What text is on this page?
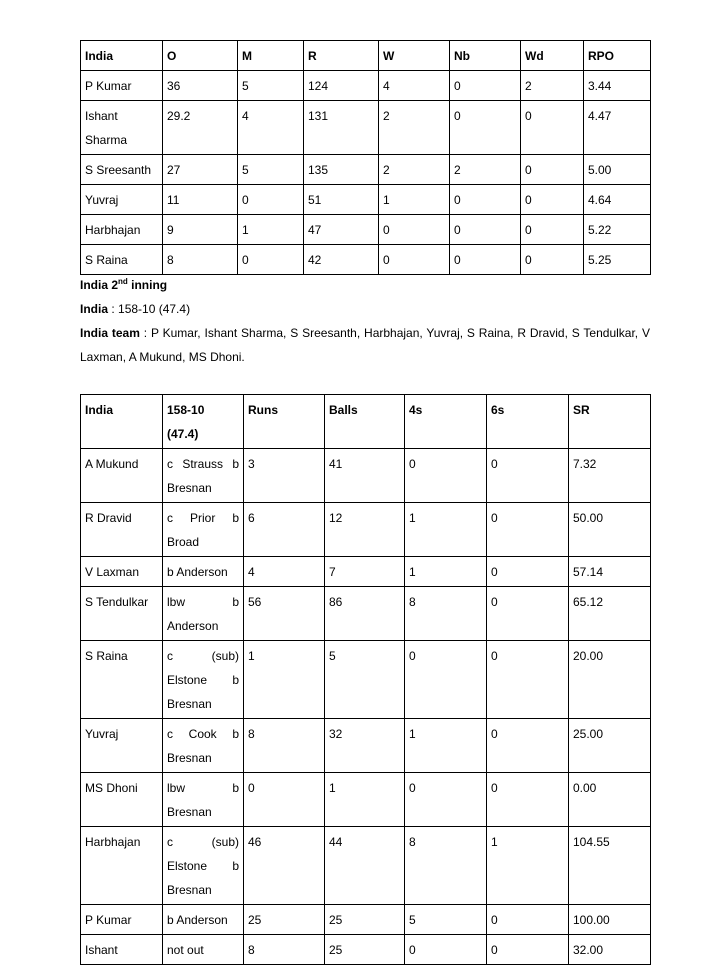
India	O	M	R	W	Nb	Wd	RPO
P Kumar	36	5	124	4	0	2	3.44
Ishant Sharma	29.2	4	131	2	0	0	4.47
S Sreesanth	27	5	135	2	2	0	5.00
Yuvraj	11	0	51	1	0	0	4.64
Harbhajan	9	1	47	0	0	0	5.22
S Raina	8	0	42	0	0	0	5.25
India 2nd inning
India : 158-10 (47.4)
India team : P Kumar, Ishant Sharma, S Sreesanth, Harbhajan, Yuvraj, S Raina, R Dravid, S Tendulkar, V Laxman, A Mukund, MS Dhoni.
India	158-10 (47.4)	Runs	Balls	4s	6s	SR
A Mukund	c Strauss b Bresnan	3	41	0	0	7.32
R Dravid	c Prior b Broad	6	12	1	0	50.00
V Laxman	b Anderson	4	7	1	0	57.14
S Tendulkar	lbw b Anderson	56	86	8	0	65.12
S Raina	c (sub) Elstone b Bresnan	1	5	0	0	20.00
Yuvraj	c Cook b Bresnan	8	32	1	0	25.00
MS Dhoni	lbw b Bresnan	0	1	0	0	0.00
Harbhajan	c (sub) Elstone b Bresnan	46	44	8	1	104.55
P Kumar	b Anderson	25	25	5	0	100.00
Ishant	not out	8	25	0	0	32.00
